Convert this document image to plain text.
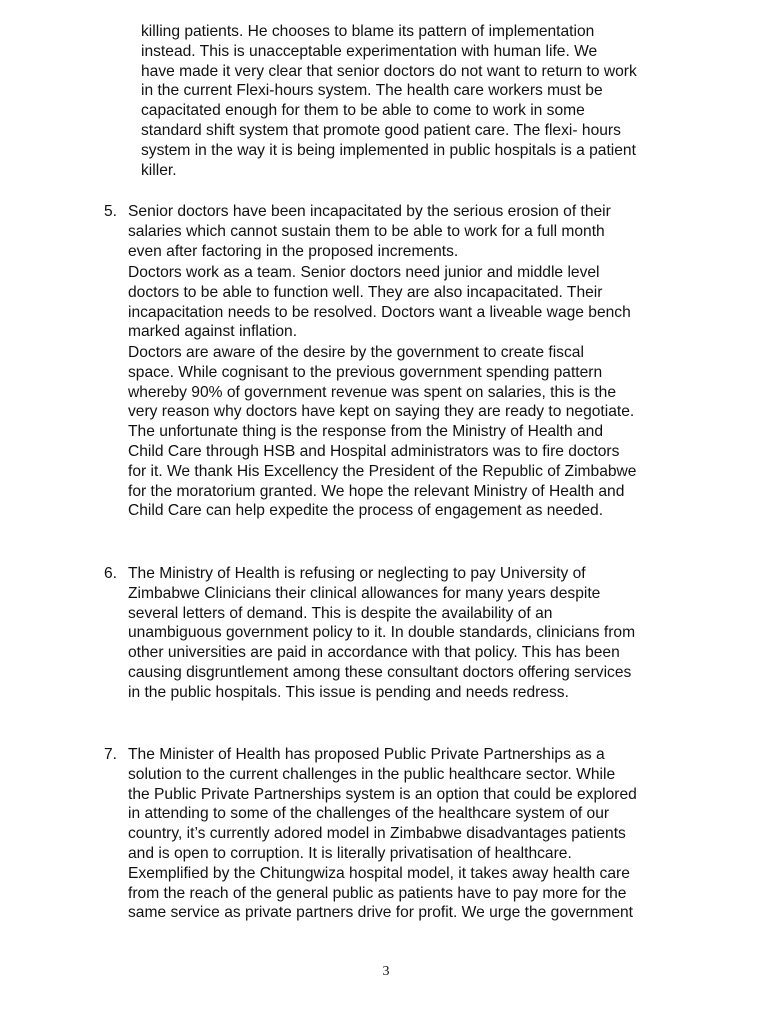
killing patients. He chooses to blame its pattern of implementation
instead. This is unacceptable experimentation with human life. We
have made it very clear that senior doctors do not want to return to work
in the current Flexi-hours system. The health care workers must be
capacitated enough for them to be able to come to work in some
standard shift system that promote good patient care. The flexi- hours
system in the way it is being implemented in public hospitals is a patient
killer.
5. Senior doctors have been incapacitated by the serious erosion of their
salaries which cannot sustain them to be able to work for a full month
even after factoring in the proposed increments.
Doctors work as a team. Senior doctors need junior and middle level
doctors to be able to function well. They are also incapacitated. Their
incapacitation needs to be resolved. Doctors want a liveable wage bench
marked against inflation.
Doctors are aware of the desire by the government to create fiscal
space. While cognisant to the previous government spending pattern
whereby 90% of government revenue was spent on salaries, this is the
very reason why doctors have kept on saying they are ready to negotiate.
The unfortunate thing is the response from the Ministry of Health and
Child Care through HSB and Hospital administrators was to fire doctors
for it. We thank His Excellency the President of the Republic of Zimbabwe
for the moratorium granted. We hope the relevant Ministry of Health and
Child Care can help expedite the process of engagement as needed.
6. The Ministry of Health is refusing or neglecting to pay University of
Zimbabwe Clinicians their clinical allowances for many years despite
several letters of demand. This is despite the availability of an
unambiguous government policy to it. In double standards, clinicians from
other universities are paid in accordance with that policy. This has been
causing disgruntlement among these consultant doctors offering services
in the public hospitals. This issue is pending and needs redress.
7. The Minister of Health has proposed Public Private Partnerships as a
solution to the current challenges in the public healthcare sector. While
the Public Private Partnerships system is an option that could be explored
in attending to some of the challenges of the healthcare system of our
country, it’s currently adored model in Zimbabwe disadvantages patients
and is open to corruption. It is literally privatisation of healthcare.
Exemplified by the Chitungwiza hospital model, it takes away health care
from the reach of the general public as patients have to pay more for the
same service as private partners drive for profit. We urge the government
3
